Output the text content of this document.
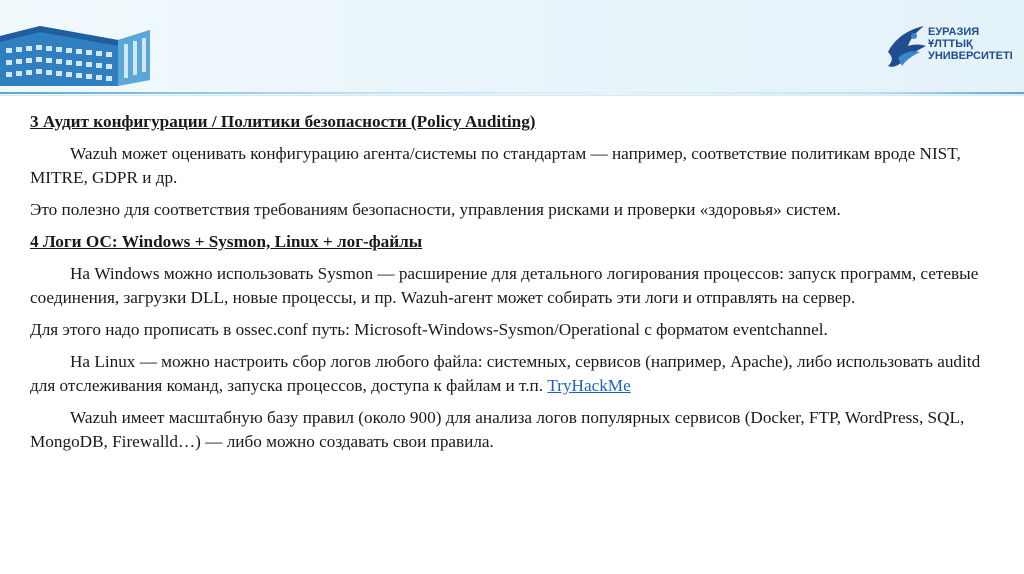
ЕУРАЗИЯ
ҰЛТТЫҚ
УНИВЕРСИТЕТІ

3 Аудит конфигурации / Политики безопасности (Policy Auditing)

Wazuh может оценивать конфигурацию агента/системы по стандартам — например, соответствие политикам вроде NIST, MITRE, GDPR и др.

Это полезно для соответствия требованиям безопасности, управления рисками и проверки «здоровья» систем.

4 Логи ОС: Windows + Sysmon, Linux + лог-файлы

На Windows можно использовать Sysmon — расширение для детального логирования процессов: запуск программ, сетевые соединения, загрузки DLL, новые процессы, и пр. Wazuh-агент может собирать эти логи и отправлять на сервер.

Для этого надо прописать в ossec.conf путь: Microsoft-Windows-Sysmon/Operational с форматом eventchannel.

На Linux — можно настроить сбор логов любого файла: системных, сервисов (например, Apache), либо использовать auditd для отслеживания команд, запуска процессов, доступа к файлам и т.п. TryHackMe

Wazuh имеет масштабную базу правил (около 900) для анализа логов популярных сервисов (Docker, FTP, WordPress, SQL, MongoDB, Firewalld…) — либо можно создавать свои правила.
